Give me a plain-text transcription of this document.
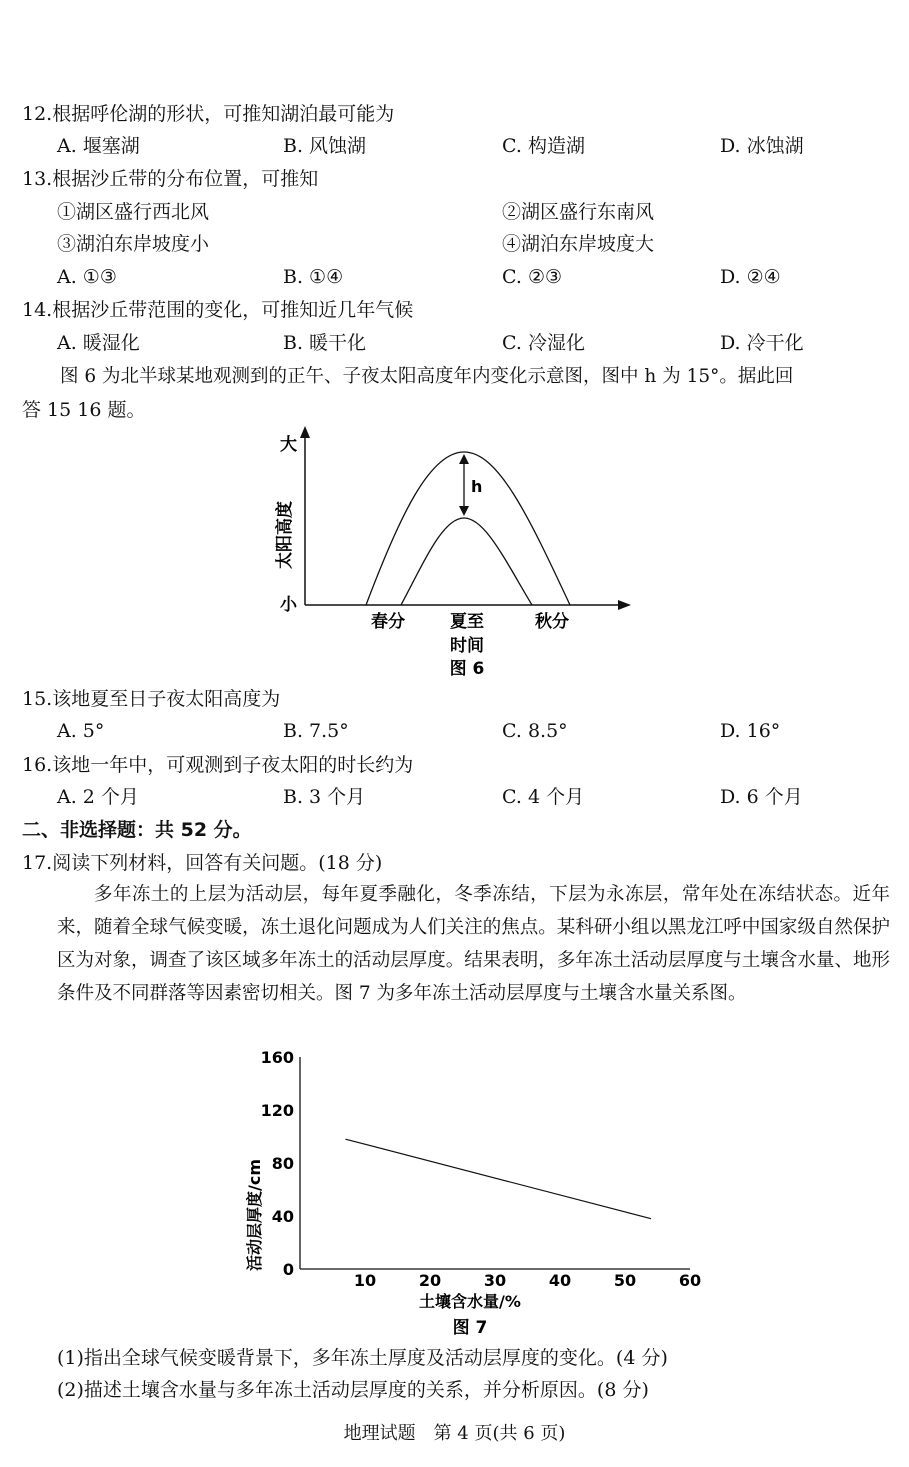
12.根据呼伦湖的形状，可推知湖泊最可能为
A. 堰塞湖	B. 风蚀湖	C. 构造湖	D. 冰蚀湖
13.根据沙丘带的分布位置，可推知
①湖区盛行西北风	②湖区盛行东南风
③湖泊东岸坡度小	④湖泊东岸坡度大
A. ①③	B. ①④	C. ②③	D. ②④
14.根据沙丘带范围的变化，可推知近几年气候
A. 暖湿化	B. 暖干化	C. 冷湿化	D. 冷干化
图 6 为北半球某地观测到的正午、子夜太阳高度年内变化示意图，图中 h 为 15°。据此回
答 15 16 题。
h
大
小
太阳高度
春分	夏至	秋分
时间
图 6
15.该地夏至日子夜太阳高度为
A. 5°	B. 7.5°	C. 8.5°	D. 16°
16.该地一年中，可观测到子夜太阳的时长约为
A. 2 个月	B. 3 个月	C. 4 个月	D. 6 个月
二、非选择题：共 52 分。
17.阅读下列材料，回答有关问题。(18 分)
多年冻土的上层为活动层，每年夏季融化，冬季冻结，下层为永冻层，常年处在冻结状态。近年来，随着全球气候变暖，冻土退化问题成为人们关注的焦点。某科研小组以黑龙江呼中国家级自然保护区为对象，调查了该区域多年冻土的活动层厚度。结果表明，多年冻土活动层厚度与土壤含水量、地形条件及不同群落等因素密切相关。图 7 为多年冻土活动层厚度与土壤含水量关系图。
0
40
80
120
160
10	20	30	40	50	60
土壤含水量/%
活动层厚度/cm
图 7
(1)指出全球气候变暖背景下，多年冻土厚度及活动层厚度的变化。(4 分)
(2)描述土壤含水量与多年冻土活动层厚度的关系，并分析原因。(8 分)
地理试题　第 4 页(共 6 页)
